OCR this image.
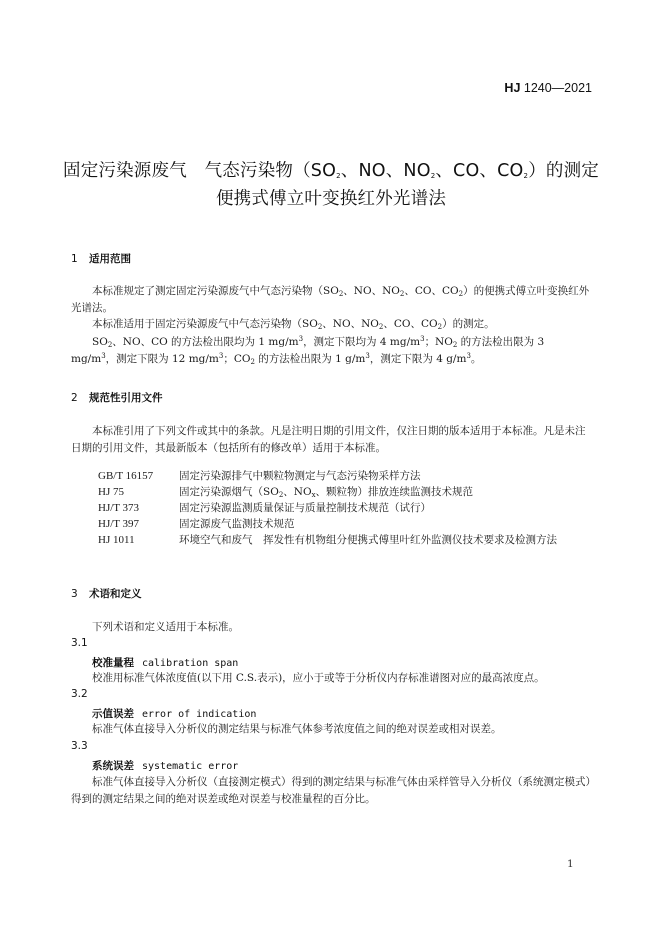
HJ 1240—2021
固定污染源废气　气态污染物（$SO_2$、NO、$NO_2$、CO、$CO_2$）的测定
便携式傅立叶变换红外光谱法
1 适用范围
本标准规定了测定固定污染源废气中气态污染物（$SO_2$、NO、$NO_2$、CO、$CO_2$）的便携式傅立叶变换红外光谱法。
本标准适用于固定污染源废气中气态污染物（$SO_2$、NO、$NO_2$、CO、$CO_2$）的测定。
$SO_2$、NO、CO 的方法检出限均为 1 $mg/m^3$，测定下限均为 4 $mg/m^3$；$NO_2$ 的方法检出限为 3 $mg/m^3$，测定下限为 12 $mg/m^3$；$CO_2$ 的方法检出限为 1 $g/m^3$，测定下限为 4 $g/m^3$。
2 规范性引用文件
本标准引用了下列文件或其中的条款。凡是注明日期的引用文件，仅注日期的版本适用于本标准。凡是未注日期的引用文件，其最新版本（包括所有的修改单）适用于本标准。
GB/T 16157	固定污染源排气中颗粒物测定与气态污染物采样方法
HJ 75	固定污染源烟气（$SO_2$、$NO_x$、颗粒物）排放连续监测技术规范
HJ/T 373	固定污染源监测质量保证与质量控制技术规范（试行）
HJ/T 397	固定源废气监测技术规范
HJ 1011	环境空气和废气　挥发性有机物组分便携式傅里叶红外监测仪技术要求及检测方法
3 术语和定义
下列术语和定义适用于本标准。
3.1
校准量程 calibration span
校准用标准气体浓度值(以下用 C.S.表示)，应小于或等于分析仪内存标准谱图对应的最高浓度点。
3.2
示值误差 error of indication
标准气体直接导入分析仪的测定结果与标准气体参考浓度值之间的绝对误差或相对误差。
3.3
系统误差 systematic error
标准气体直接导入分析仪（直接测定模式）得到的测定结果与标准气体由采样管导入分析仪（系统测定模式）得到的测定结果之间的绝对误差或绝对误差与校准量程的百分比。
1
